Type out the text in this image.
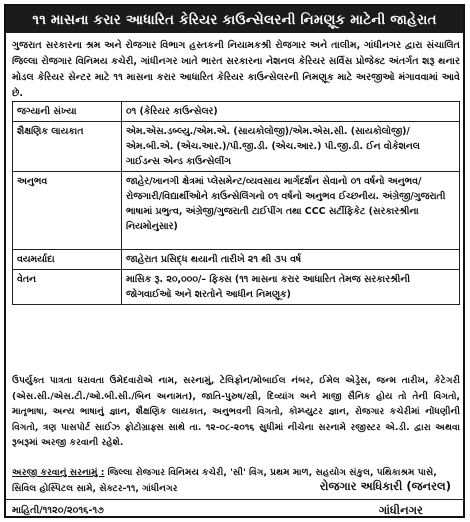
૧૧ માસના કરાર આધારિત કેરિયર કાઉન્સેલરની નિમણૂક માટેની જાહેરાત
ગુજરાત સરકારના શ્રમ અને રોજગાર વિભાગ હસ્તકની નિયામકશ્રી રોજગાર અને તાલીમ, ગાંધીનગર દ્વારા સંચાલિત જિલ્લા રોજગાર વિનિમય કચેરી, ગાંધીનગર ખાતે ભારત સરકારના નેશનલ કેરિયર સર્વિસ પ્રોજેક્ટ અંતર્ગત શરૂ થનાર મોડલ કેરિયર સેન્ટર માટે ૧૧ માસના કરાર આધારિત કેરિયર કાઉન્સેલરની નિમણૂક માટે અરજીઓ મંગાવવામાં આવે છે.
જગ્યાની સંખ્યા	૦૧ (કેરિયર કાઉન્સેલર)
શૈક્ષણિક લાયકાત	એમ.એસ.ડબ્લ્યુ./એમ.એ. (સાયકોલોજી)/એમ.એસ.સી. (સાયકોલોજી)/એમ.બી.એ. (એચ.આર.)/પી.જી.ડી. (એચ.આર.) પી.જી.ડી. ઈન વોકેશનલ ગાઈડન્સ એન્ડ કાઉન્સેલીંગ
અનુભવ	જાહેર/ખાનગી ક્ષેત્રમાં પ્લેસમેન્ટ/વ્યવસાય માર્ગદર્શન સેવાનો ૦૧ વર્ષનો અનુભવ/રોજગારી/વિદ્યાર્થીઓને કાઉન્સેલિંગનો ૦૧ વર્ષનો અનુભવ ઈચ્છનીય. અંગ્રેજી/ગુજરાતી ભાષામાં પ્રભુત્વ, અંગ્રેજી/ગુજરાતી ટાઈપીંગ તથા CCC સર્ટીફિકેટ (સરકારશ્રીના નિયમોનુસાર)
વયમર્યાદા	જાહેરાત પ્રસિદ્ધ થયાની તારીખે ૨૧ થી ૩૫ વર્ષ
વેતન	માસિક રૂ. ૨૦,૦૦૦/– ફિક્સ (૧૧ માસના કરાર આધારિત તેમજ સરકારશ્રીની જોગવાઈઓ અને શરતોને આધીન નિમણૂક)
ઉપર્યુક્ત પાત્રતા ધરાવતા ઉમેદવારોએ નામ, સરનામું, ટેલિફોન/મોબાઈલ નંબર, ઈમેલ એડ્રેસ, જન્મ તારીખ, કેટેગરી (એસ.સી./એસ.ટી./ઓ.બી.સી./બિન અનામત), જાતિ-પુરુષ/સ્ત્રી, દિવ્યાંગ અને માજી સૈનિક હોય તો તેની વિગતો, માતૃભાષા, અન્ય ભાષાનું જ્ઞાન, શૈક્ષણિક લાયકાત, અનુભવની વિગતો, કોમ્પ્યુટર જ્ઞાન, રોજગાર કચેરીમાં નોંધણીની વિગતો, ત્રણ પાસપોર્ટ સાઈઝ ફોટોગ્રાફ્સ સાથે તા. ૧૨-૦૮-૨૦૧૬ સુધીમાં નીચેના સરનામે રજીસ્ટર એ.ડી. દ્વારા અથવા રૂબરૂમાં અરજી કરવાની રહેશે.
અરજી કરવાનું સરનામું : જિલ્લા રોજગાર વિનિમય કચેરી, 'સી' વિંગ, પ્રથમ માળ, સહયોગ સંકુલ, પથિકાશ્રમ પાસે, સિવિલ હોસ્પિટલ સામે, સેક્ટર-૧૧, ગાંધીનગર	રોજગાર અધિકારી (જનરલ)
માહિતી/૧૧૨૦/૨૦૧૬-૧૭	ગાંધીનગર
